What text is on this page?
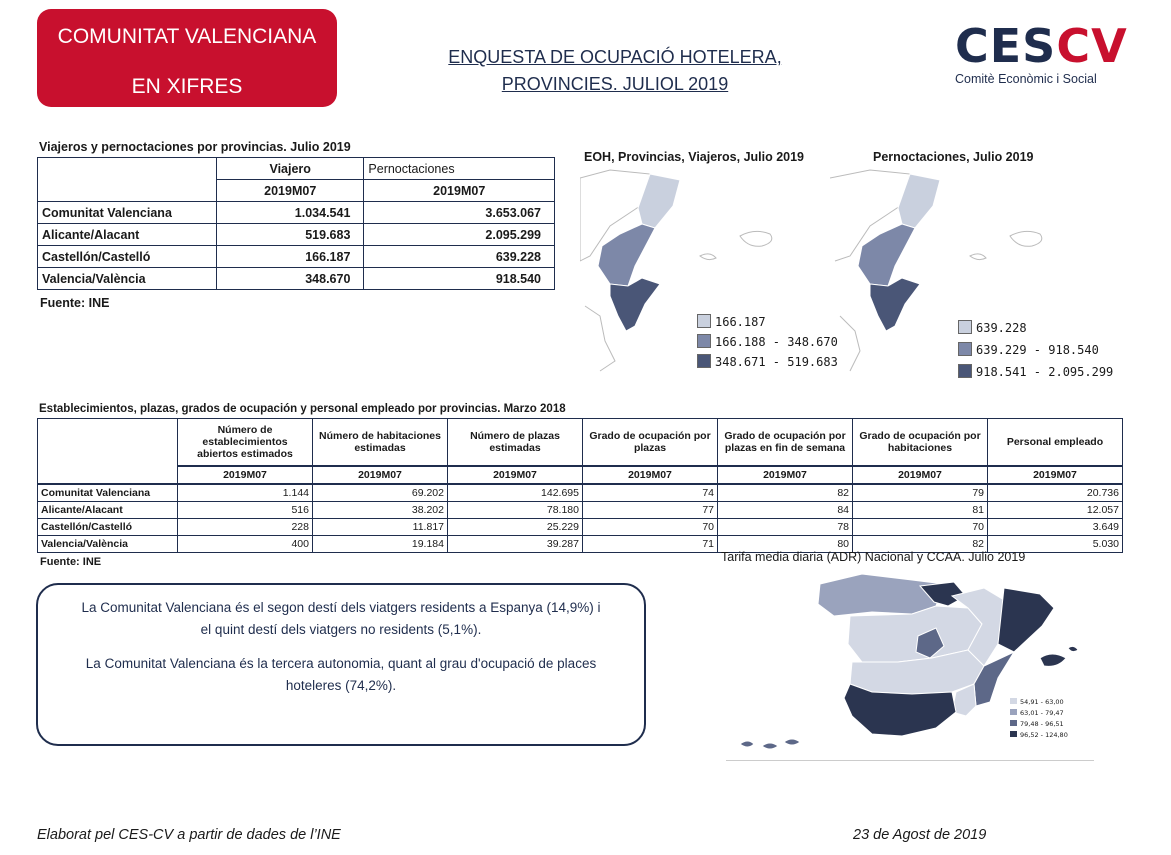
COMUNITAT VALENCIANA
EN XIFRES
ENQUESTA DE OCUPACIÓ HOTELERA,
PROVINCIES. JULIOL 2019
CESCV
Comitè Econòmic i Social
Viajeros y pernoctaciones por provincias. Julio 2019
	Viajero	Pernoctaciones
	2019M07	2019M07
Comunitat Valenciana	1.034.541	3.653.067
Alicante/Alacant	519.683	2.095.299
Castellón/Castelló	166.187	639.228
Valencia/València	348.670	918.540
Fuente: INE
EOH, Provincias, Viajeros, Julio 2019
166.187
166.188 - 348.670
348.671 - 519.683
Pernoctaciones, Julio 2019
639.228
639.229 - 918.540
918.541 - 2.095.299
Establecimientos, plazas, grados de ocupación y personal empleado por provincias. Marzo 2018
	Número de establecimientos abiertos estimados	Número de habitaciones estimadas	Número de plazas estimadas	Grado de ocupación por plazas	Grado de ocupación por plazas en fin de semana	Grado de ocupación por habitaciones	Personal empleado
	2019M07	2019M07	2019M07	2019M07	2019M07	2019M07	2019M07
Comunitat Valenciana	1.144	69.202	142.695	74	82	79	20.736
Alicante/Alacant	516	38.202	78.180	77	84	81	12.057
Castellón/Castelló	228	11.817	25.229	70	78	70	3.649
Valencia/València	400	19.184	39.287	71	80	82	5.030
Fuente: INE

La Comunitat Valenciana és el segon destí dels viatgers residents a Espanya (14,9%) i el quint destí dels viatgers no residents (5,1%).

La Comunitat Valenciana és la tercera autonomia, quant al grau d'ocupació de places hoteleres (74,2%).

Tarifa media diaria (ADR) Nacional y CCAA. Julio 2019
54,91 - 63,00
63,01 - 79,47
79,48 - 96,51
96,52 - 124,80
Elaborat pel CES-CV a partir de dades de l’INE	23 de Agost de 2019
